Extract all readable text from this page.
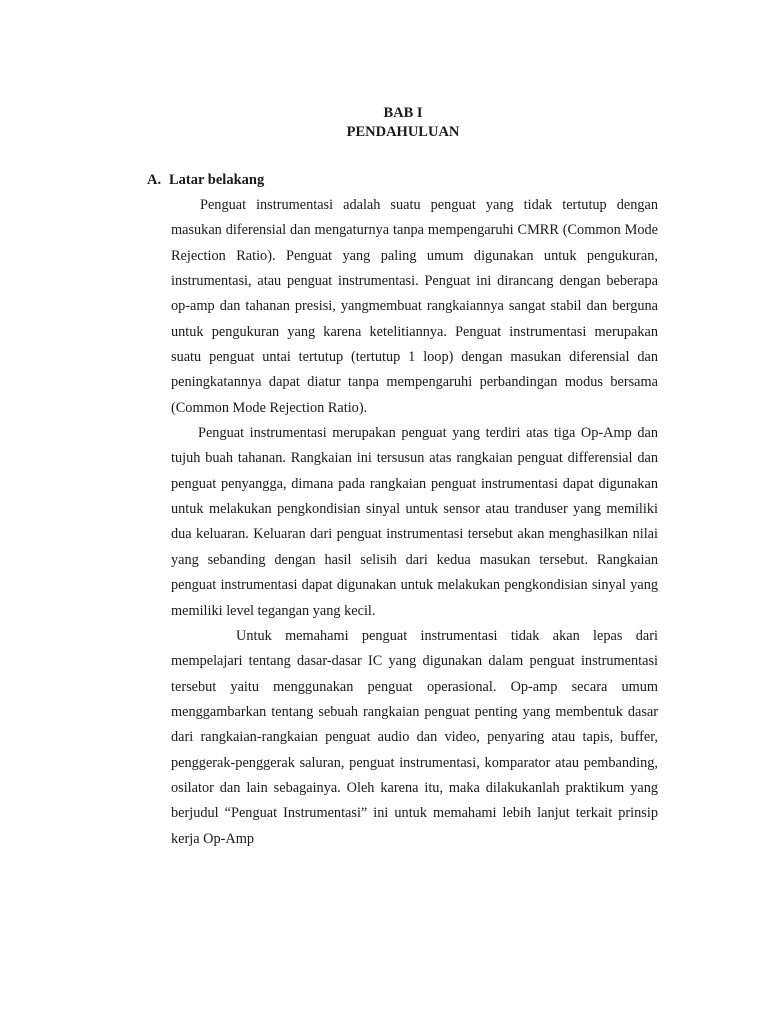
BAB I
PENDAHULUAN
A. Latar belakang

Penguat instrumentasi adalah suatu penguat yang tidak tertutup dengan masukan diferensial dan mengaturnya tanpa mempengaruhi CMRR (Common Mode Rejection Ratio). Penguat yang paling umum digunakan untuk pengukuran, instrumentasi, atau penguat instrumentasi. Penguat ini dirancang dengan beberapa op-amp dan tahanan presisi, yangmembuat rangkaiannya sangat stabil dan berguna untuk pengukuran yang karena ketelitiannya. Penguat instrumentasi merupakan suatu penguat untai tertutup (tertutup 1 loop) dengan masukan diferensial dan peningkatannya dapat diatur tanpa mempengaruhi perbandingan modus bersama (Common Mode Rejection Ratio).

Penguat instrumentasi merupakan penguat yang terdiri atas tiga Op-Amp dan tujuh buah tahanan. Rangkaian ini tersusun atas rangkaian penguat differensial dan penguat penyangga, dimana pada rangkaian penguat instrumentasi dapat digunakan untuk melakukan pengkondisian sinyal untuk sensor atau tranduser yang memiliki dua keluaran. Keluaran dari penguat instrumentasi tersebut akan menghasilkan nilai yang sebanding dengan hasil selisih dari kedua masukan tersebut. Rangkaian penguat instrumentasi dapat digunakan untuk melakukan pengkondisian sinyal yang memiliki level tegangan yang kecil.

Untuk memahami penguat instrumentasi tidak akan lepas dari mempelajari tentang dasar-dasar IC yang digunakan dalam penguat instrumentasi tersebut yaitu menggunakan penguat operasional. Op-amp secara umum menggambarkan tentang sebuah rangkaian penguat penting yang membentuk dasar dari rangkaian-rangkaian penguat audio dan video, penyaring atau tapis, buffer, penggerak-penggerak saluran, penguat instrumentasi, komparator atau pembanding, osilator dan lain sebagainya. Oleh karena itu, maka dilakukanlah praktikum yang berjudul “Penguat Instrumentasi” ini untuk memahami lebih lanjut terkait prinsip kerja Op-Amp
